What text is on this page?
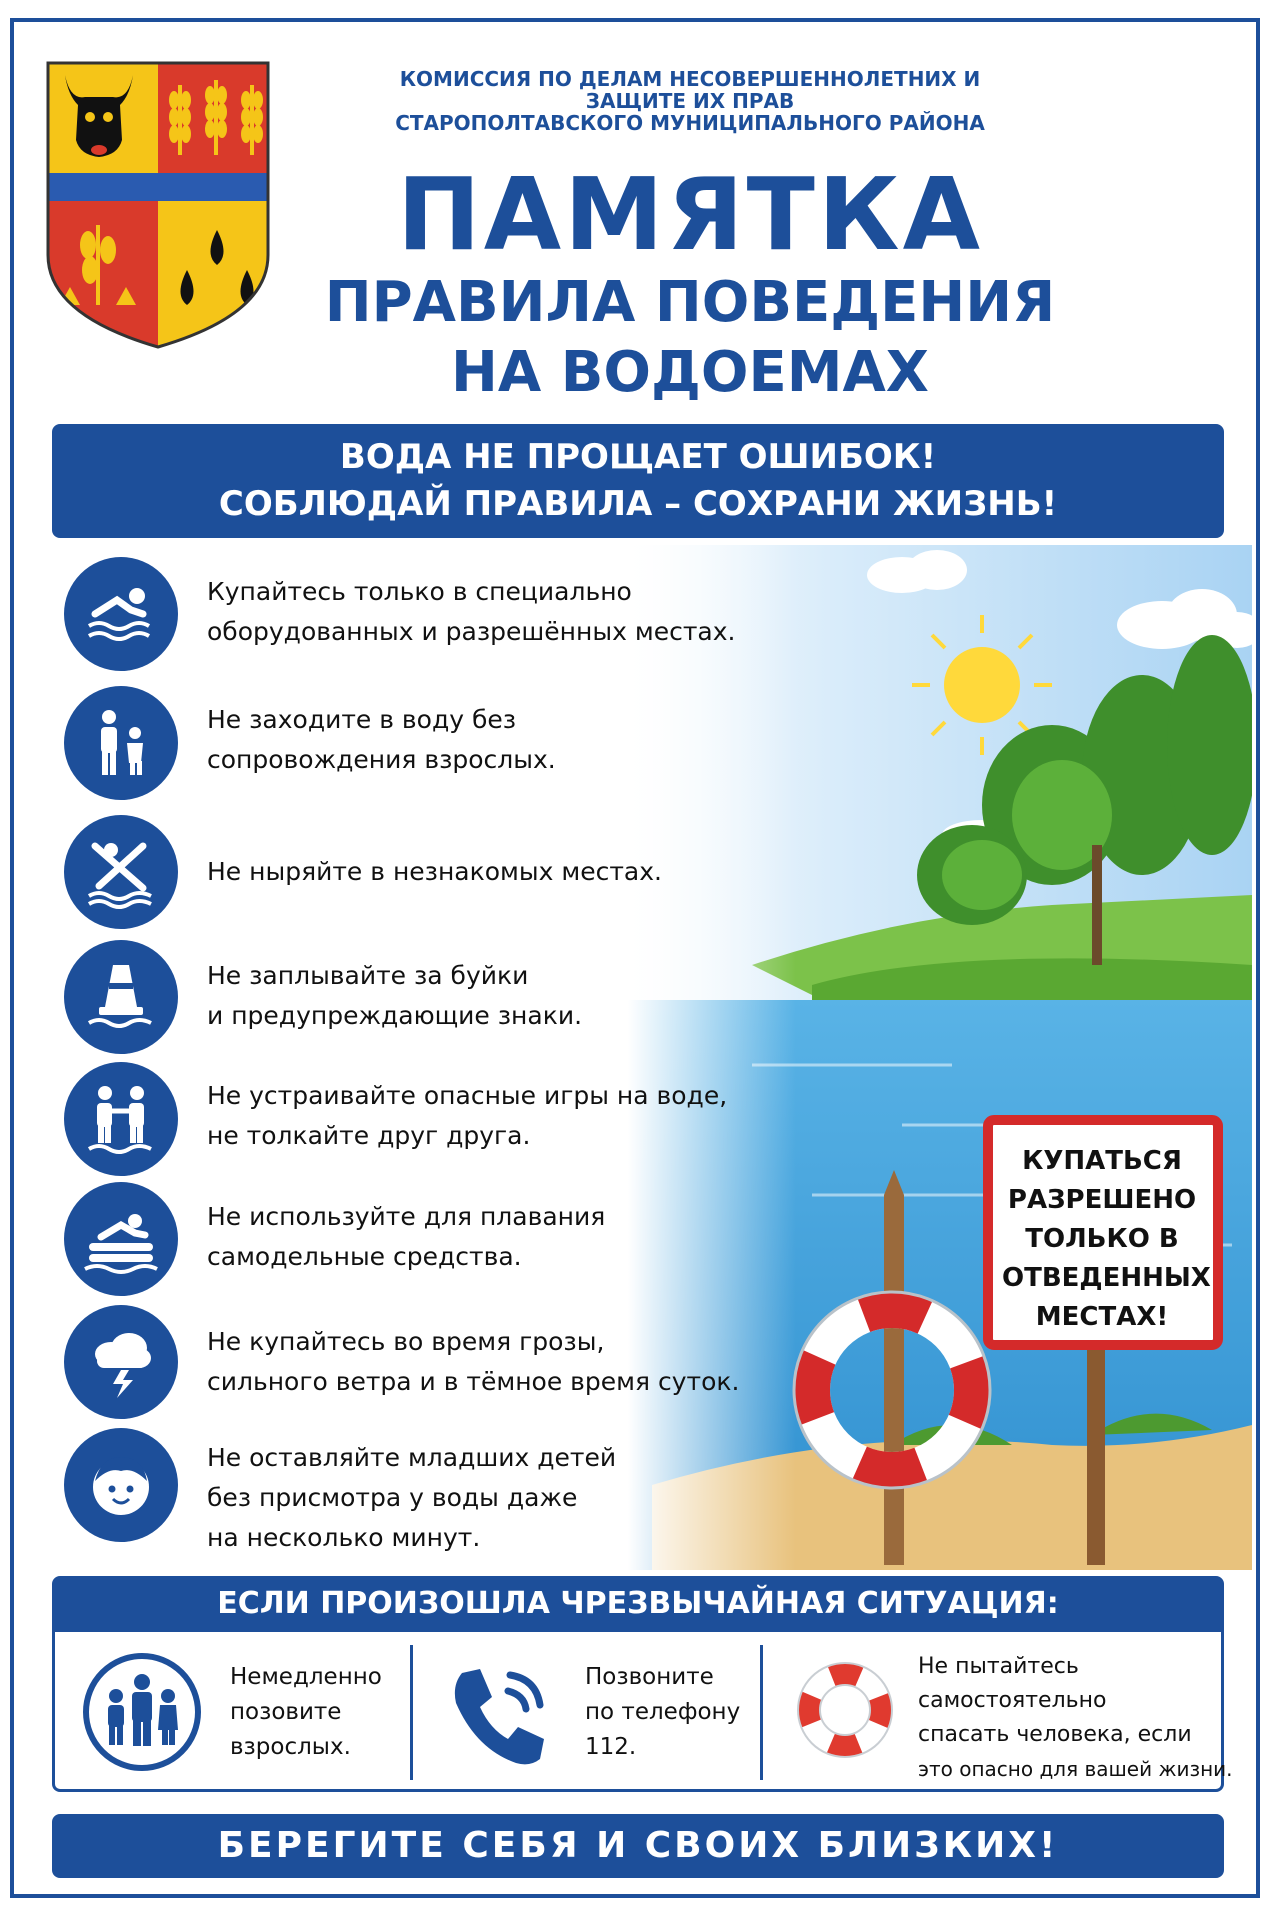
КОМИССИЯ ПО ДЕЛАМ НЕСОВЕРШЕННОЛЕТНИХ И
ЗАЩИТЕ ИХ ПРАВ
СТАРОПОЛТАВСКОГО МУНИЦИПАЛЬНОГО РАЙОНА
ПАМЯТКА
ПРАВИЛА ПОВЕДЕНИЯ
НА ВОДОЕМАХ
ВОДА НЕ ПРОЩАЕТ ОШИБОК!
СОБЛЮДАЙ ПРАВИЛА – СОХРАНИ ЖИЗНЬ!
КУПАТЬСЯ
РАЗРЕШЕНО
ТОЛЬКО В
ОТВЕДЕННЫХ
МЕСТАХ!
Купайтесь только в специально
оборудованных и разрешённых местах.
Не заходите в воду без
сопровождения взрослых.
Не ныряйте в незнакомых местах.
Не заплывайте за буйки
и предупреждающие знаки.
Не устраивайте опасные игры на воде,
не толкайте друг друга.
Не используйте для плавания
самодельные средства.
Не купайтесь во время грозы,
сильного ветра и в тёмное время суток.
Не оставляйте младших детей
без присмотра у воды даже
на несколько минут.
ЕСЛИ ПРОИЗОШЛА ЧРЕЗВЫЧАЙНАЯ СИТУАЦИЯ:
Немедленно
позовите
взрослых.
Позвоните
по телефону
112.
Не пытайтесь
самостоятельно
спасать человека, если
это опасно для вашей жизни.
БЕРЕГИТЕ СЕБЯ И СВОИХ БЛИЗКИХ!
